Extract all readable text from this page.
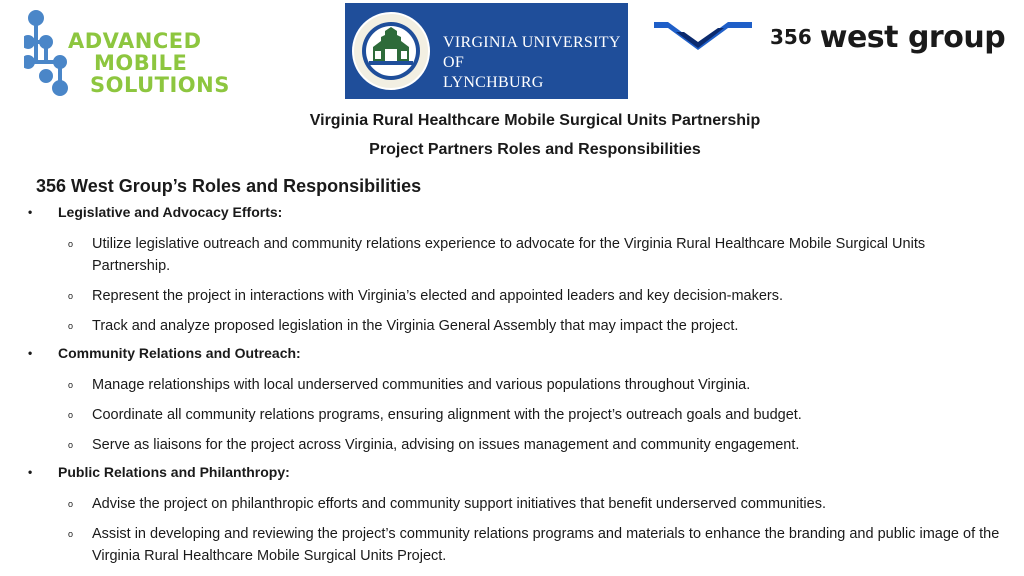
ADVANCED
MOBILE
SOLUTIONS
VIRGINIA UNIVERSITY OF
LYNCHBURG
356 west group
Virginia Rural Healthcare Mobile Surgical Units Partnership
Project Partners Roles and Responsibilities
356 West Group’s Roles and Responsibilities
• Legislative and Advocacy Efforts:
o Utilize legislative outreach and community relations experience to advocate for the Virginia Rural Healthcare Mobile Surgical Units Partnership.
o Represent the project in interactions with Virginia’s elected and appointed leaders and key decision-makers.
o Track and analyze proposed legislation in the Virginia General Assembly that may impact the project.
• Community Relations and Outreach:
o Manage relationships with local underserved communities and various populations throughout Virginia.
o Coordinate all community relations programs, ensuring alignment with the project’s outreach goals and budget.
o Serve as liaisons for the project across Virginia, advising on issues management and community engagement.
• Public Relations and Philanthropy:
o Advise the project on philanthropic efforts and community support initiatives that benefit underserved communities.
o Assist in developing and reviewing the project’s community relations programs and materials to enhance the branding and public image of the Virginia Rural Healthcare Mobile Surgical Units Project.
